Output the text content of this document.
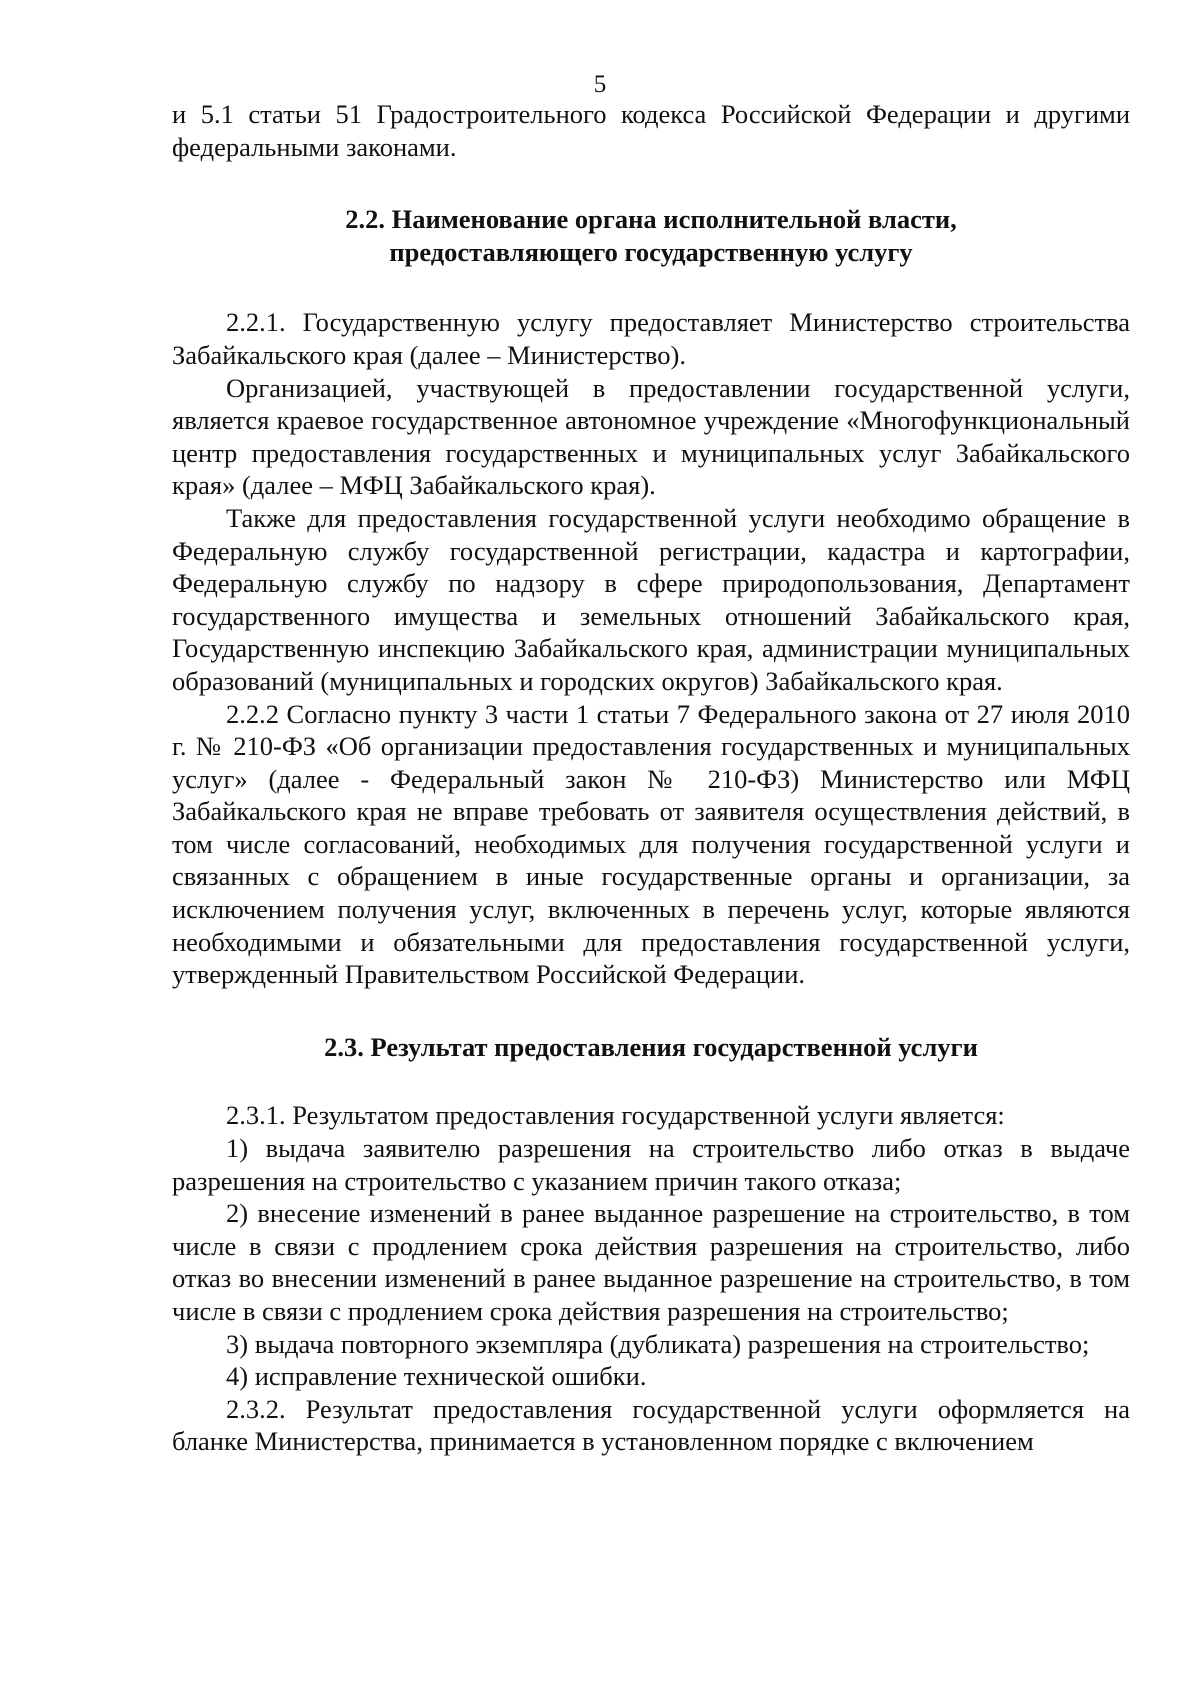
5

и 5.1 статьи 51 Градостроительного кодекса Российской Федерации и другими федеральными законами.

2.2. Наименование органа исполнительной власти,
предоставляющего государственную услугу

2.2.1. Государственную услугу предоставляет Министерство строительства Забайкальского края (далее – Министерство).

Организацией, участвующей в предоставлении государственной услуги, является краевое государственное автономное учреждение «Многофункциональный центр предоставления государственных и муниципальных услуг Забайкальского края» (далее – МФЦ Забайкальского края).

Также для предоставления государственной услуги необходимо обращение в Федеральную службу государственной регистрации, кадастра и картографии, Федеральную службу по надзору в сфере природопользования, Департамент государственного имущества и земельных отношений Забайкальского края, Государственную инспекцию Забайкальского края, администрации муниципальных образований (муниципальных и городских округов) Забайкальского края.

2.2.2 Согласно пункту 3 части 1 статьи 7 Федерального закона от 27 июля 2010 г. № 210-ФЗ «Об организации предоставления государственных и муниципальных услуг» (далее - Федеральный закон № 210-ФЗ) Министерство или МФЦ Забайкальского края не вправе требовать от заявителя осуществления действий, в том числе согласований, необходимых для получения государственной услуги и связанных с обращением в иные государственные органы и организации, за исключением получения услуг, включенных в перечень услуг, которые являются необходимыми и обязательными для предоставления государственной услуги, утвержденный Правительством Российской Федерации.

2.3. Результат предоставления государственной услуги

2.3.1. Результатом предоставления государственной услуги является:

1) выдача заявителю разрешения на строительство либо отказ в выдаче разрешения на строительство с указанием причин такого отказа;

2) внесение изменений в ранее выданное разрешение на строительство, в том числе в связи с продлением срока действия разрешения на строительство, либо отказ во внесении изменений в ранее выданное разрешение на строительство, в том числе в связи с продлением срока действия разрешения на строительство;

3) выдача повторного экземпляра (дубликата) разрешения на строительство;

4) исправление технической ошибки.

2.3.2. Результат предоставления государственной услуги оформляется на бланке Министерства, принимается в установленном порядке с включением
